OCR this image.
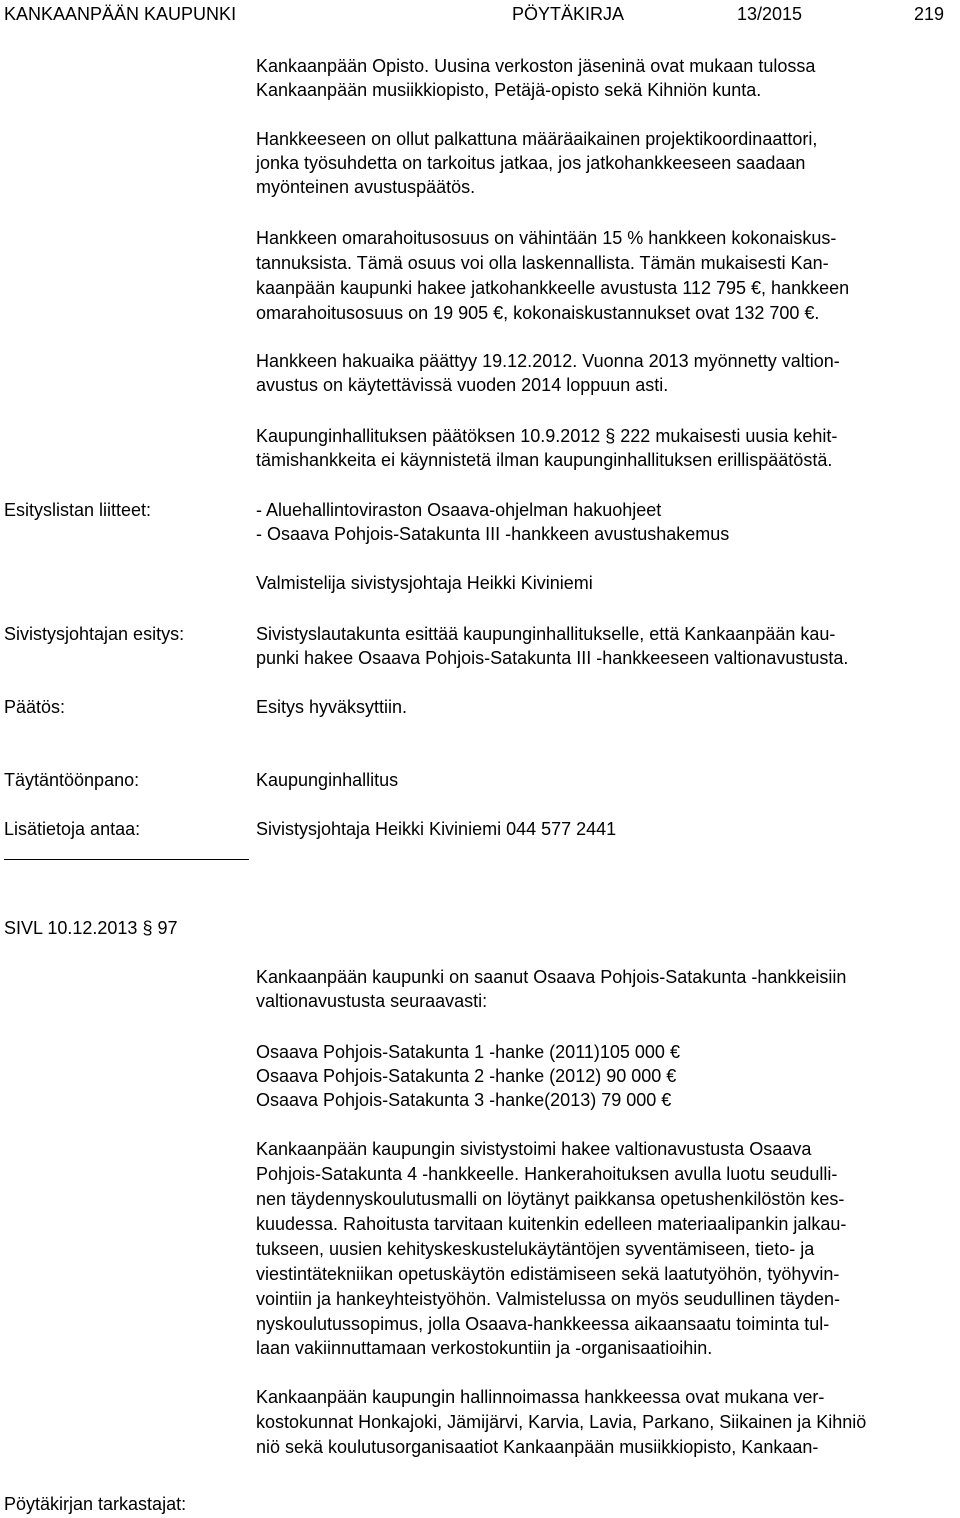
KANKAANPÄÄN KAUPUNKI	PÖYTÄKIRJA	13/2015	219
Kankaanpään Opisto. Uusina verkoston jäseninä ovat mukaan tulossa
Kankaanpään musiikkiopisto, Petäjä-opisto sekä Kihniön kunta.
Hankkeeseen on ollut palkattuna määräaikainen projektikoordinaattori,
jonka työsuhdetta on tarkoitus jatkaa, jos jatkohankkeeseen saadaan
myönteinen avustuspäätös.
Hankkeen omarahoitusosuus on vähintään 15 % hankkeen kokonaiskus-
tannuksista. Tämä osuus voi olla laskennallista. Tämän mukaisesti Kan-
kaanpään kaupunki hakee jatkohankkeelle avustusta 112 795 €, hankkeen
omarahoitusosuus on 19 905 €, kokonaiskustannukset ovat 132 700 €.
Hankkeen hakuaika päättyy 19.12.2012. Vuonna 2013 myönnetty valtion-
avustus on käytettävissä vuoden 2014 loppuun asti.
Kaupunginhallituksen päätöksen 10.9.2012 § 222 mukaisesti uusia kehit-
tämishankkeita ei käynnistetä ilman kaupunginhallituksen erillispäätöstä.
Esityslistan liitteet:	- Aluehallintoviraston Osaava-ohjelman hakuohjeet
- Osaava Pohjois-Satakunta III -hankkeen avustushakemus
Valmistelija sivistysjohtaja Heikki Kiviniemi
Sivistysjohtajan esitys:	Sivistyslautakunta esittää kaupunginhallitukselle, että Kankaanpään kau-
punki hakee Osaava Pohjois-Satakunta III -hankkeeseen valtionavustusta.
Päätös:	Esitys hyväksyttiin.
Täytäntöönpano:	Kaupunginhallitus
Lisätietoja antaa:	Sivistysjohtaja Heikki Kiviniemi 044 577 2441
SIVL 10.12.2013 § 97
Kankaanpään kaupunki on saanut Osaava Pohjois-Satakunta -hankkeisiin
valtionavustusta seuraavasti:
Osaava Pohjois-Satakunta 1 -hanke (2011)105 000 €
Osaava Pohjois-Satakunta 2 -hanke (2012) 90 000 €
Osaava Pohjois-Satakunta 3 -hanke(2013) 79 000 €
Kankaanpään kaupungin sivistystoimi hakee valtionavustusta Osaava
Pohjois-Satakunta 4 -hankkeelle. Hankerahoituksen avulla luotu seudulli-
nen täydennyskoulutusmalli on löytänyt paikkansa opetushenkilöstön kes-
kuudessa. Rahoitusta tarvitaan kuitenkin edelleen materiaalipankin jalkau-
tukseen, uusien kehityskeskustelukäytäntöjen syventämiseen, tieto- ja
viestintätekniikan opetuskäytön edistämiseen sekä laatutyöhön, työhyvin-
vointiin ja hankeyhteistyöhön. Valmistelussa on myös seudullinen täyden-
nyskoulutussopimus, jolla Osaava-hankkeessa aikaansaatu toiminta tul-
laan vakiinnuttamaan verkostokuntiin ja -organisaatioihin.
Kankaanpään kaupungin hallinnoimassa hankkeessa ovat mukana ver-
kostokunnat Honkajoki, Jämijärvi, Karvia, Lavia, Parkano, Siikainen ja Kihniö
niö sekä koulutusorganisaatiot Kankaanpään musiikkiopisto, Kankaan-
Pöytäkirjan tarkastajat:
